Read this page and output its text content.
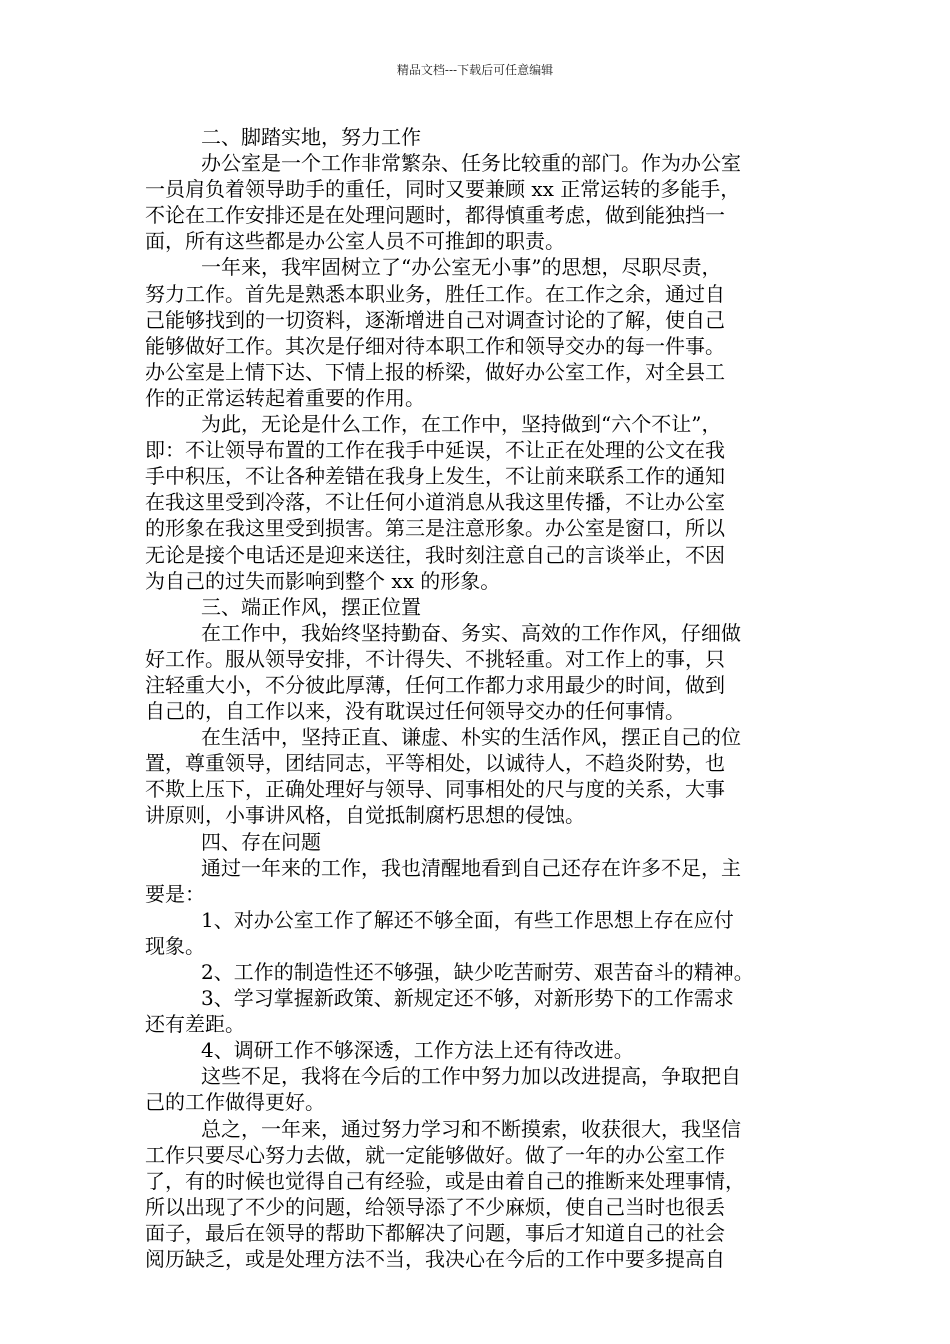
精品文档---下载后可任意编辑
二、脚踏实地，努力工作
办公室是一个工作非常繁杂、任务比较重的部门。作为办公室
一员肩负着领导助手的重任，同时又要兼顾 xx 正常运转的多能手，
不论在工作安排还是在处理问题时，都得慎重考虑，做到能独挡一
面，所有这些都是办公室人员不可推卸的职责。
一年来，我牢固树立了“办公室无小事”的思想，尽职尽责，
努力工作。首先是熟悉本职业务，胜任工作。在工作之余，通过自
己能够找到的一切资料，逐渐增进自己对调查讨论的了解，使自己
能够做好工作。其次是仔细对待本职工作和领导交办的每一件事。
办公室是上情下达、下情上报的桥梁，做好办公室工作，对全县工
作的正常运转起着重要的作用。
为此，无论是什么工作，在工作中，坚持做到“六个不让”，
即：不让领导布置的工作在我手中延误，不让正在处理的公文在我
手中积压，不让各种差错在我身上发生，不让前来联系工作的通知
在我这里受到冷落，不让任何小道消息从我这里传播，不让办公室
的形象在我这里受到损害。第三是注意形象。办公室是窗口，所以
无论是接个电话还是迎来送往，我时刻注意自己的言谈举止，不因
为自己的过失而影响到整个 xx 的形象。
三、端正作风，摆正位置
在工作中，我始终坚持勤奋、务实、高效的工作作风，仔细做
好工作。服从领导安排，不计得失、不挑轻重。对工作上的事，只
注轻重大小，不分彼此厚薄，任何工作都力求用最少的时间，做到
自己的，自工作以来，没有耽误过任何领导交办的任何事情。
在生活中，坚持正直、谦虚、朴实的生活作风，摆正自己的位
置，尊重领导，团结同志，平等相处，以诚待人，不趋炎附势，也
不欺上压下，正确处理好与领导、同事相处的尺与度的关系，大事
讲原则，小事讲风格，自觉抵制腐朽思想的侵蚀。
四、存在问题
通过一年来的工作，我也清醒地看到自己还存在许多不足，主
要是：
1、对办公室工作了解还不够全面，有些工作思想上存在应付
现象。
2、工作的制造性还不够强，缺少吃苦耐劳、艰苦奋斗的精神。
3、学习掌握新政策、新规定还不够，对新形势下的工作需求
还有差距。
4、调研工作不够深透，工作方法上还有待改进。
这些不足，我将在今后的工作中努力加以改进提高，争取把自
己的工作做得更好。
总之，一年来，通过努力学习和不断摸索，收获很大，我坚信
工作只要尽心努力去做，就一定能够做好。做了一年的办公室工作
了，有的时候也觉得自己有经验，或是由着自己的推断来处理事情，
所以出现了不少的问题，给领导添了不少麻烦，使自己当时也很丢
面子，最后在领导的帮助下都解决了问题，事后才知道自己的社会
阅历缺乏，或是处理方法不当，我决心在今后的工作中要多提高自
